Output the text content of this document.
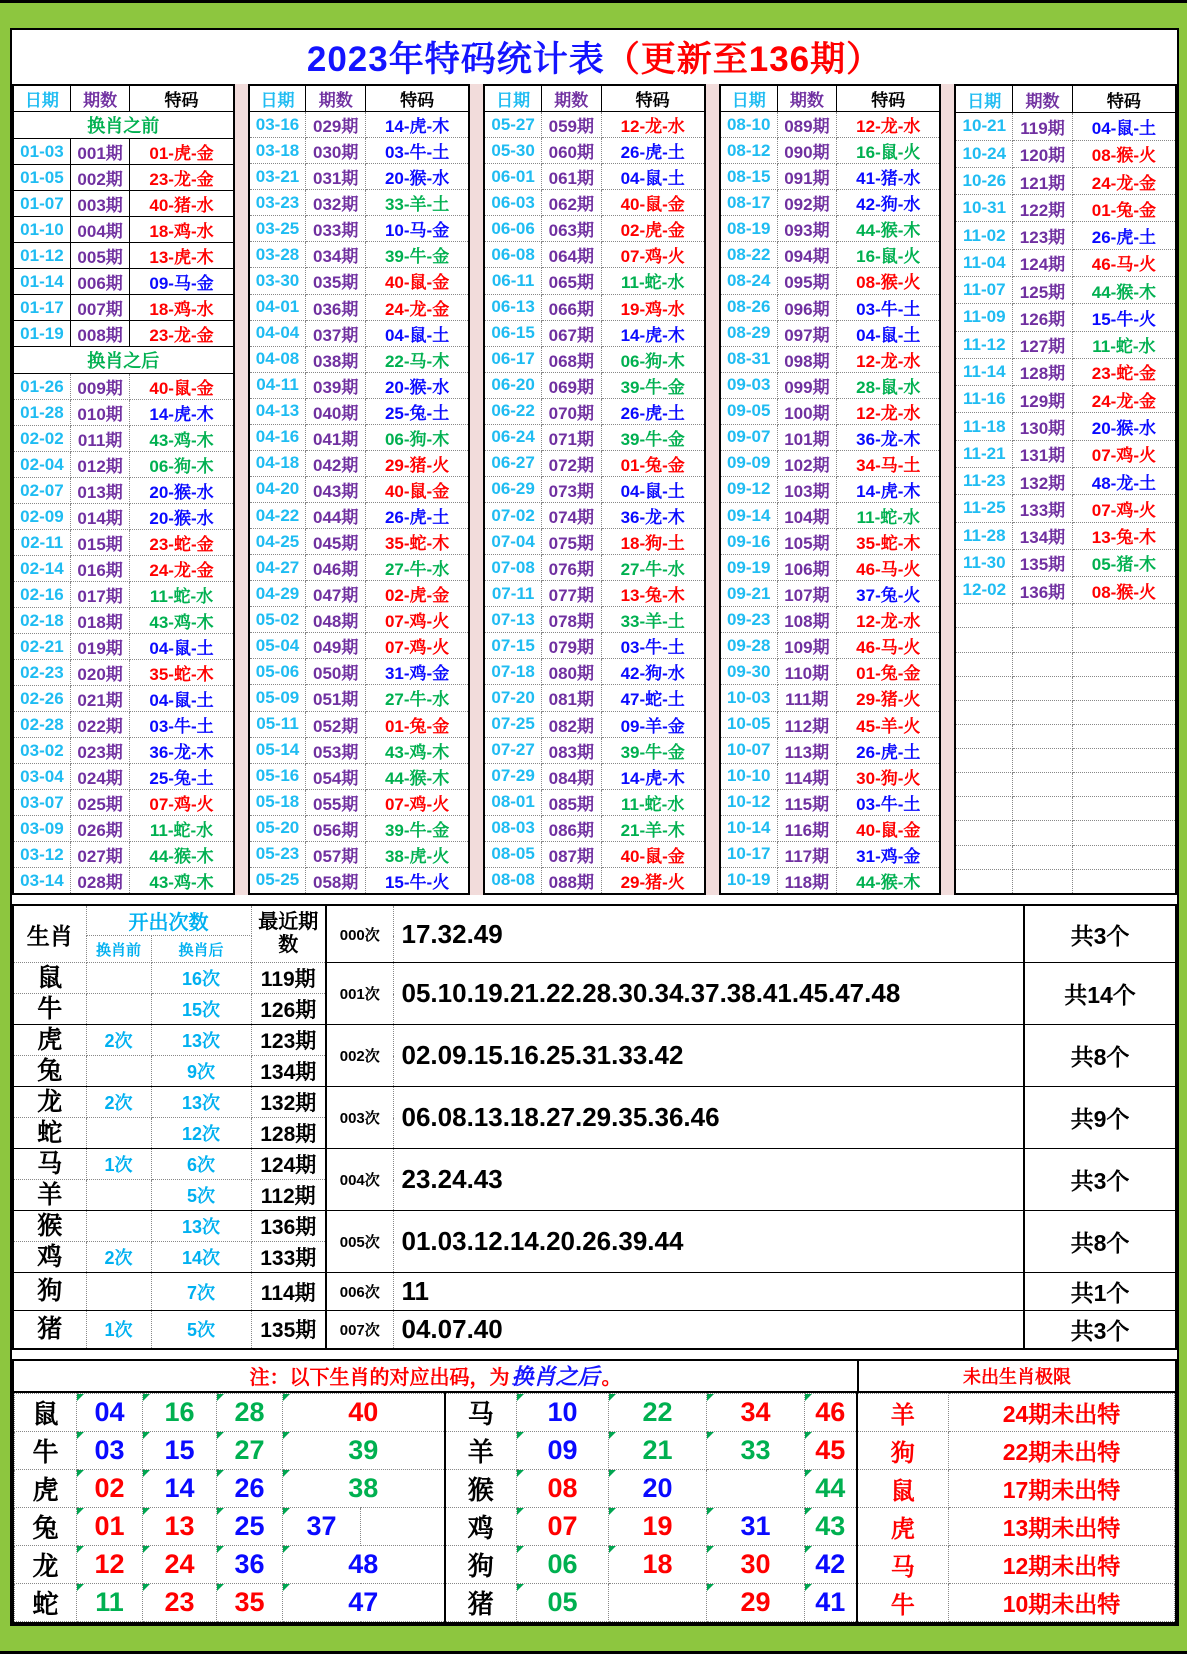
2023年特码统计表 （更新至136期）
日期	期数	特码
换肖之前		
01-03	001期	01-虎-金
01-05	002期	23-龙-金
01-07	003期	40-猪-水
01-10	004期	18-鸡-水
01-12	005期	13-虎-木
01-14	006期	09-马-金
01-17	007期	18-鸡-水
01-19	008期	23-龙-金
换肖之后		
01-26	009期	40-鼠-金
01-28	010期	14-虎-木
02-02	011期	43-鸡-木
02-04	012期	06-狗-木
02-07	013期	20-猴-水
02-09	014期	20-猴-水
02-11	015期	23-蛇-金
02-14	016期	24-龙-金
02-16	017期	11-蛇-水
02-18	018期	43-鸡-木
02-21	019期	04-鼠-土
02-23	020期	35-蛇-木
02-26	021期	04-鼠-土
02-28	022期	03-牛-土
03-02	023期	36-龙-木
03-04	024期	25-兔-土
03-07	025期	07-鸡-火
03-09	026期	11-蛇-水
03-12	027期	44-猴-木
03-14	028期	43-鸡-木
日期	期数	特码
03-16	029期	14-虎-木
03-18	030期	03-牛-土
03-21	031期	20-猴-水
03-23	032期	33-羊-土
03-25	033期	10-马-金
03-28	034期	39-牛-金
03-30	035期	40-鼠-金
04-01	036期	24-龙-金
04-04	037期	04-鼠-土
04-08	038期	22-马-木
04-11	039期	20-猴-水
04-13	040期	25-兔-土
04-16	041期	06-狗-木
04-18	042期	29-猪-火
04-20	043期	40-鼠-金
04-22	044期	26-虎-土
04-25	045期	35-蛇-木
04-27	046期	27-牛-水
04-29	047期	02-虎-金
05-02	048期	07-鸡-火
05-04	049期	07-鸡-火
05-06	050期	31-鸡-金
05-09	051期	27-牛-水
05-11	052期	01-兔-金
05-14	053期	43-鸡-木
05-16	054期	44-猴-木
05-18	055期	07-鸡-火
05-20	056期	39-牛-金
05-23	057期	38-虎-火
05-25	058期	15-牛-火
日期	期数	特码
05-27	059期	12-龙-水
05-30	060期	26-虎-土
06-01	061期	04-鼠-土
06-03	062期	40-鼠-金
06-06	063期	02-虎-金
06-08	064期	07-鸡-火
06-11	065期	11-蛇-水
06-13	066期	19-鸡-水
06-15	067期	14-虎-木
06-17	068期	06-狗-木
06-20	069期	39-牛-金
06-22	070期	26-虎-土
06-24	071期	39-牛-金
06-27	072期	01-兔-金
06-29	073期	04-鼠-土
07-02	074期	36-龙-木
07-04	075期	18-狗-土
07-08	076期	27-牛-水
07-11	077期	13-兔-木
07-13	078期	33-羊-土
07-15	079期	03-牛-土
07-18	080期	42-狗-水
07-20	081期	47-蛇-土
07-25	082期	09-羊-金
07-27	083期	39-牛-金
07-29	084期	14-虎-木
08-01	085期	11-蛇-水
08-03	086期	21-羊-木
08-05	087期	40-鼠-金
08-08	088期	29-猪-火
日期	期数	特码
08-10	089期	12-龙-水
08-12	090期	16-鼠-火
08-15	091期	41-猪-水
08-17	092期	42-狗-水
08-19	093期	44-猴-木
08-22	094期	16-鼠-火
08-24	095期	08-猴-火
08-26	096期	03-牛-土
08-29	097期	04-鼠-土
08-31	098期	12-龙-水
09-03	099期	28-鼠-水
09-05	100期	12-龙-水
09-07	101期	36-龙-木
09-09	102期	34-马-土
09-12	103期	14-虎-木
09-14	104期	11-蛇-水
09-16	105期	35-蛇-木
09-19	106期	46-马-火
09-21	107期	37-兔-火
09-23	108期	12-龙-水
09-28	109期	46-马-火
09-30	110期	01-兔-金
10-03	111期	29-猪-火
10-05	112期	45-羊-火
10-07	113期	26-虎-土
10-10	114期	30-狗-火
10-12	115期	03-牛-土
10-14	116期	40-鼠-金
10-17	117期	31-鸡-金
10-19	118期	44-猴-木
日期	期数	特码
10-21	119期	04-鼠-土
10-24	120期	08-猴-火
10-26	121期	24-龙-金
10-31	122期	01-兔-金
11-02	123期	26-虎-土
11-04	124期	46-马-火
11-07	125期	44-猴-木
11-09	126期	15-牛-火
11-12	127期	11-蛇-水
11-14	128期	23-蛇-金
11-16	129期	24-龙-金
11-18	130期	20-猴-水
11-21	131期	07-鸡-火
11-23	132期	48-龙-土
11-25	133期	07-鸡-火
11-28	134期	13-兔-木
11-30	135期	05-猪-木
12-02	136期	08-猴-火

生肖	开出次数		最近期数	000次	17.32.49	共3个
	换肖前	换肖后				
鼠		16次	119期	001次	05.10.19.21.22.28.30.34.37.38.41.45.47.48	共14个
牛		15次	126期			
虎	2次	13次	123期	002次	02.09.15.16.25.31.33.42	共8个
兔		9次	134期			
龙	2次	13次	132期	003次	06.08.13.18.27.29.35.36.46	共9个
蛇		12次	128期			
马	1次	6次	124期	004次	23.24.43	共3个
羊		5次	112期			
猴		13次	136期	005次	01.03.12.14.20.26.39.44	共8个
鸡	2次	14次	133期			
狗		7次	114期	006次	11	共1个
猪	1次	5次	135期	007次	04.07.40	共3个
注：以下生肖的对应出码，为 换肖之后 。	未出生肖极限
鼠	04	16	28	40		马	10	22	34	46	羊	24期未出特
牛	03	15	27	39		羊	09	21	33	45	狗	22期未出特
虎	02	14	26	38		猴	08	20		44	鼠	17期未出特
兔	01	13	25	37		鸡	07	19	31	43	虎	13期未出特
龙	12	24	36	48		狗	06	18	30	42	马	12期未出特
蛇	11	23	35	47		猪	05		29	41	牛	10期未出特
